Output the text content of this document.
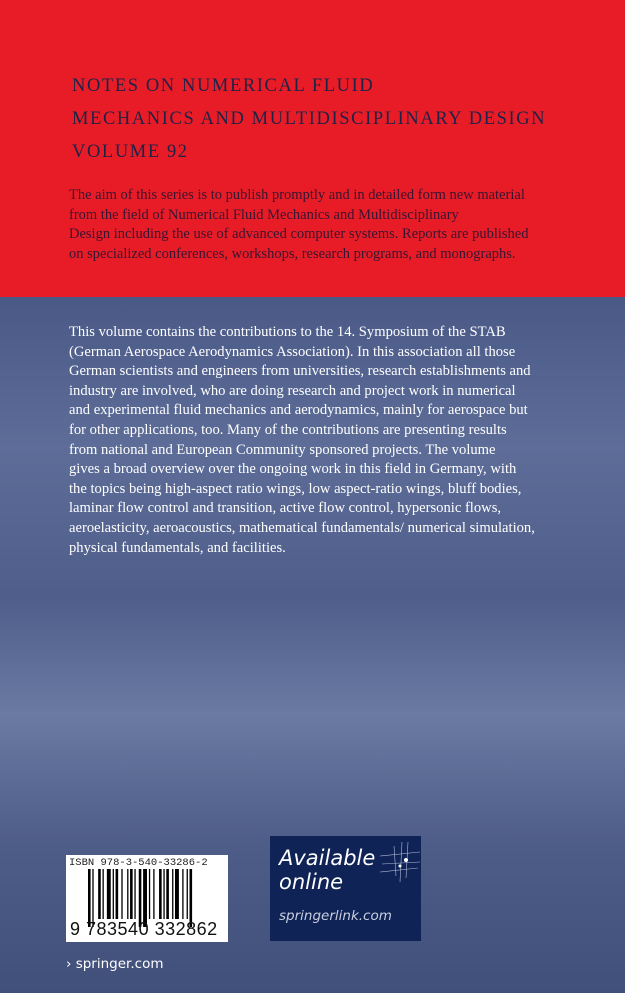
NOTES ON NUMERICAL FLUID
MECHANICS AND MULTIDISCIPLINARY DESIGN
VOLUME 92
The aim of this series is to publish promptly and in detailed form new material
from the field of Numerical Fluid Mechanics and Multidisciplinary
Design including the use of advanced computer systems. Reports are published
on specialized conferences, workshops, research programs, and monographs.
This volume contains the contributions to the 14. Symposium of the STAB
(German Aerospace Aerodynamics Association). In this association all those
German scientists and engineers from universities, research establishments and
industry are involved, who are doing research and project work in numerical
and experimental fluid mechanics and aerodynamics, mainly for aerospace but
for other applications, too. Many of the contributions are presenting results
from national and European Community sponsored projects. The volume
gives a broad overview over the ongoing work in this field in Germany, with
the topics being high-aspect ratio wings, low aspect-ratio wings, bluff bodies,
laminar flow control and transition, active flow control, hypersonic flows,
aeroelasticity, aeroacoustics, mathematical fundamentals/ numerical simulation,
physical fundamentals, and facilities.
ISBN 978-3-540-33286-2
9 783540 332862
Available
online
springerlink.com
› springer.com
